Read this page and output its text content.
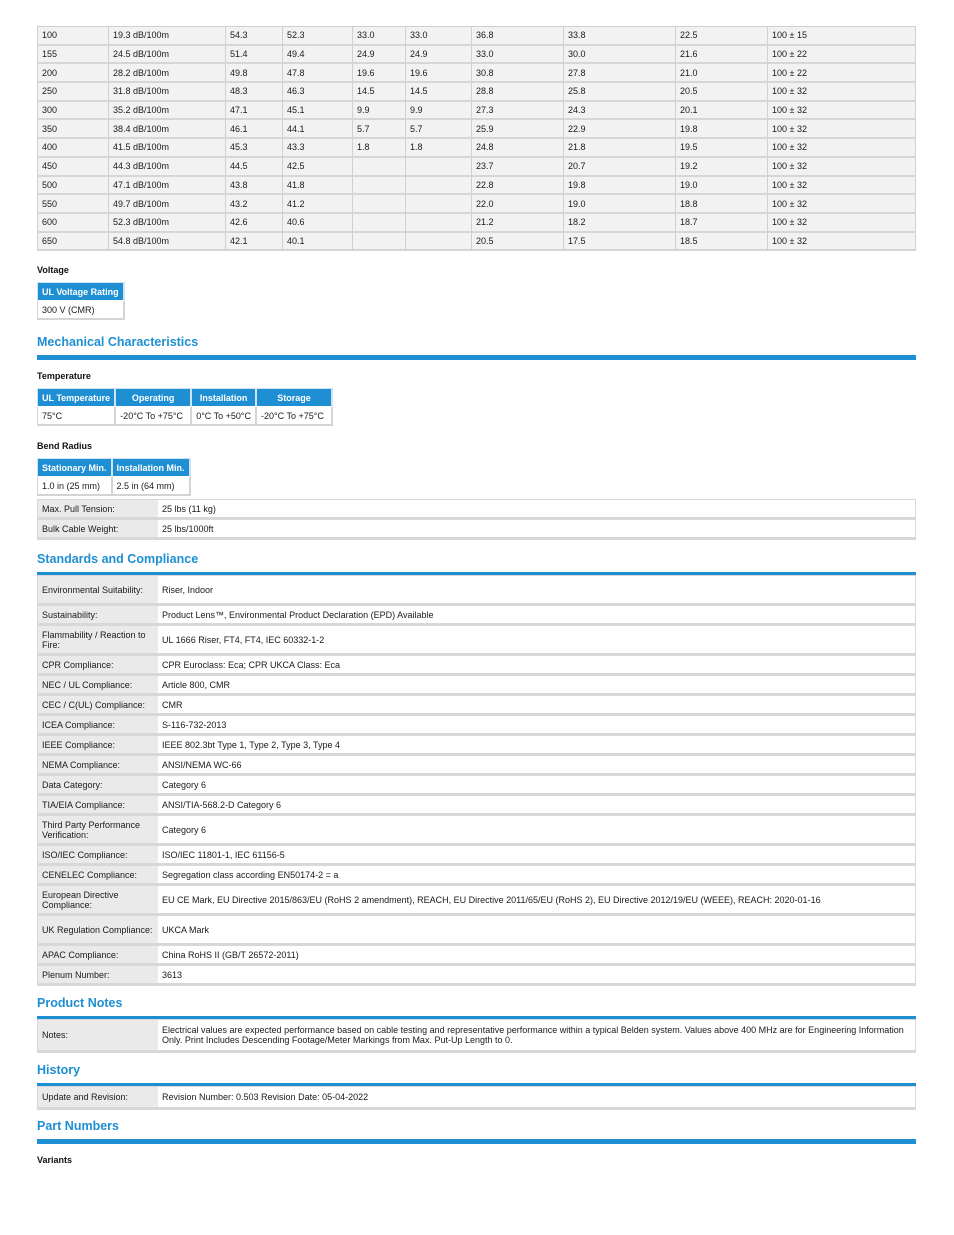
100	19.3 dB/100m	54.3	52.3	33.0	33.0	36.8	33.8	22.5	100 ± 15
155	24.5 dB/100m	51.4	49.4	24.9	24.9	33.0	30.0	21.6	100 ± 22
200	28.2 dB/100m	49.8	47.8	19.6	19.6	30.8	27.8	21.0	100 ± 22
250	31.8 dB/100m	48.3	46.3	14.5	14.5	28.8	25.8	20.5	100 ± 32
300	35.2 dB/100m	47.1	45.1	9.9	9.9	27.3	24.3	20.1	100 ± 32
350	38.4 dB/100m	46.1	44.1	5.7	5.7	25.9	22.9	19.8	100 ± 32
400	41.5 dB/100m	45.3	43.3	1.8	1.8	24.8	21.8	19.5	100 ± 32
450	44.3 dB/100m	44.5	42.5			23.7	20.7	19.2	100 ± 32
500	47.1 dB/100m	43.8	41.8			22.8	19.8	19.0	100 ± 32
550	49.7 dB/100m	43.2	41.2			22.0	19.0	18.8	100 ± 32
600	52.3 dB/100m	42.6	40.6			21.2	18.2	18.7	100 ± 32
650	54.8 dB/100m	42.1	40.1			20.5	17.5	18.5	100 ± 32
Voltage
UL Voltage Rating
300 V (CMR)
Mechanical Characteristics
Temperature
UL Temperature	Operating	Installation	Storage
75°C	-20°C To +75°C	0°C To +50°C	-20°C To +75°C
Bend Radius
Stationary Min.	Installation Min.
1.0 in (25 mm)	2.5 in (64 mm)
Max. Pull Tension:	25 lbs (11 kg)
Bulk Cable Weight:	25 lbs/1000ft
Standards and Compliance
Environmental Suitability:	Riser, Indoor
Sustainability:	Product Lens™, Environmental Product Declaration (EPD) Available
Flammability / Reaction to Fire:	UL 1666 Riser, FT4, FT4, IEC 60332-1-2
CPR Compliance:	CPR Euroclass: Eca; CPR UKCA Class: Eca
NEC / UL Compliance:	Article 800, CMR
CEC / C(UL) Compliance:	CMR
ICEA Compliance:	S-116-732-2013
IEEE Compliance:	IEEE 802.3bt Type 1, Type 2, Type 3, Type 4
NEMA Compliance:	ANSI/NEMA WC-66
Data Category:	Category 6
TIA/EIA Compliance:	ANSI/TIA-568.2-D Category 6
Third Party Performance Verification:	Category 6
ISO/IEC Compliance:	ISO/IEC 11801-1, IEC 61156-5
CENELEC Compliance:	Segregation class according EN50174-2 = a
European Directive Compliance:	EU CE Mark, EU Directive 2015/863/EU (RoHS 2 amendment), REACH, EU Directive 2011/65/EU (RoHS 2), EU Directive 2012/19/EU (WEEE), REACH: 2020-01-16
UK Regulation Compliance:	UKCA Mark
APAC Compliance:	China RoHS II (GB/T 26572-2011)
Plenum Number:	3613
Product Notes
Notes:	Electrical values are expected performance based on cable testing and representative performance within a typical Belden system. Values above 400 MHz are for Engineering Information Only. Print Includes Descending Footage/Meter Markings from Max. Put-Up Length to 0.
History
Update and Revision:	Revision Number: 0.503 Revision Date: 05-04-2022
Part Numbers
Variants
